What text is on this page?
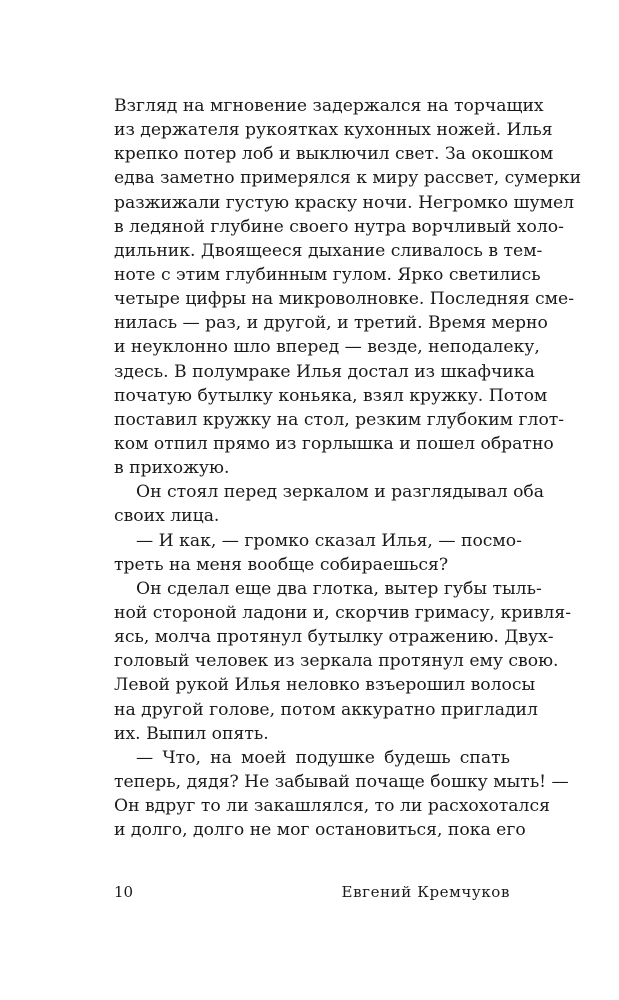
Взгляд на мгновение задержался на торчащих
из держателя рукоятках кухонных ножей. Илья
крепко потер лоб и выключил свет. За окошком
едва заметно примерялся к миру рассвет, сумерки
разжижали густую краску ночи. Негромко шумел
в ледяной глубине своего нутра ворчливый холо-
дильник. Двоящееся дыхание сливалось в тем-
ноте с этим глубинным гулом. Ярко светились
четыре цифры на микроволновке. Последняя сме-
нилась — раз, и другой, и третий. Время мерно
и неуклонно шло вперед — везде, неподалеку,
здесь. В полумраке Илья достал из шкафчика
початую бутылку коньяка, взял кружку. Потом
поставил кружку на стол, резким глубоким глот-
ком отпил прямо из горлышка и пошел обратно
в прихожую.
Он стоял перед зеркалом и разглядывал оба
своих лица.
— И как, — громко сказал Илья, — посмо-
треть на меня вообще собираешься?
Он сделал еще два глотка, вытер губы тыль-
ной стороной ладони и, скорчив гримасу, кривля-
ясь, молча протянул бутылку отражению. Двух-
головый человек из зеркала протянул ему свою.
Левой рукой Илья неловко взъерошил волосы
на другой голове, потом аккуратно пригладил
их. Выпил опять.
— Что, на моей подушке будешь спать
теперь, дядя? Не забывай почаще бошку мыть! —
Он вдруг то ли закашлялся, то ли расхохотался
и долго, долго не мог остановиться, пока его
10	Евгений Кремчуков
